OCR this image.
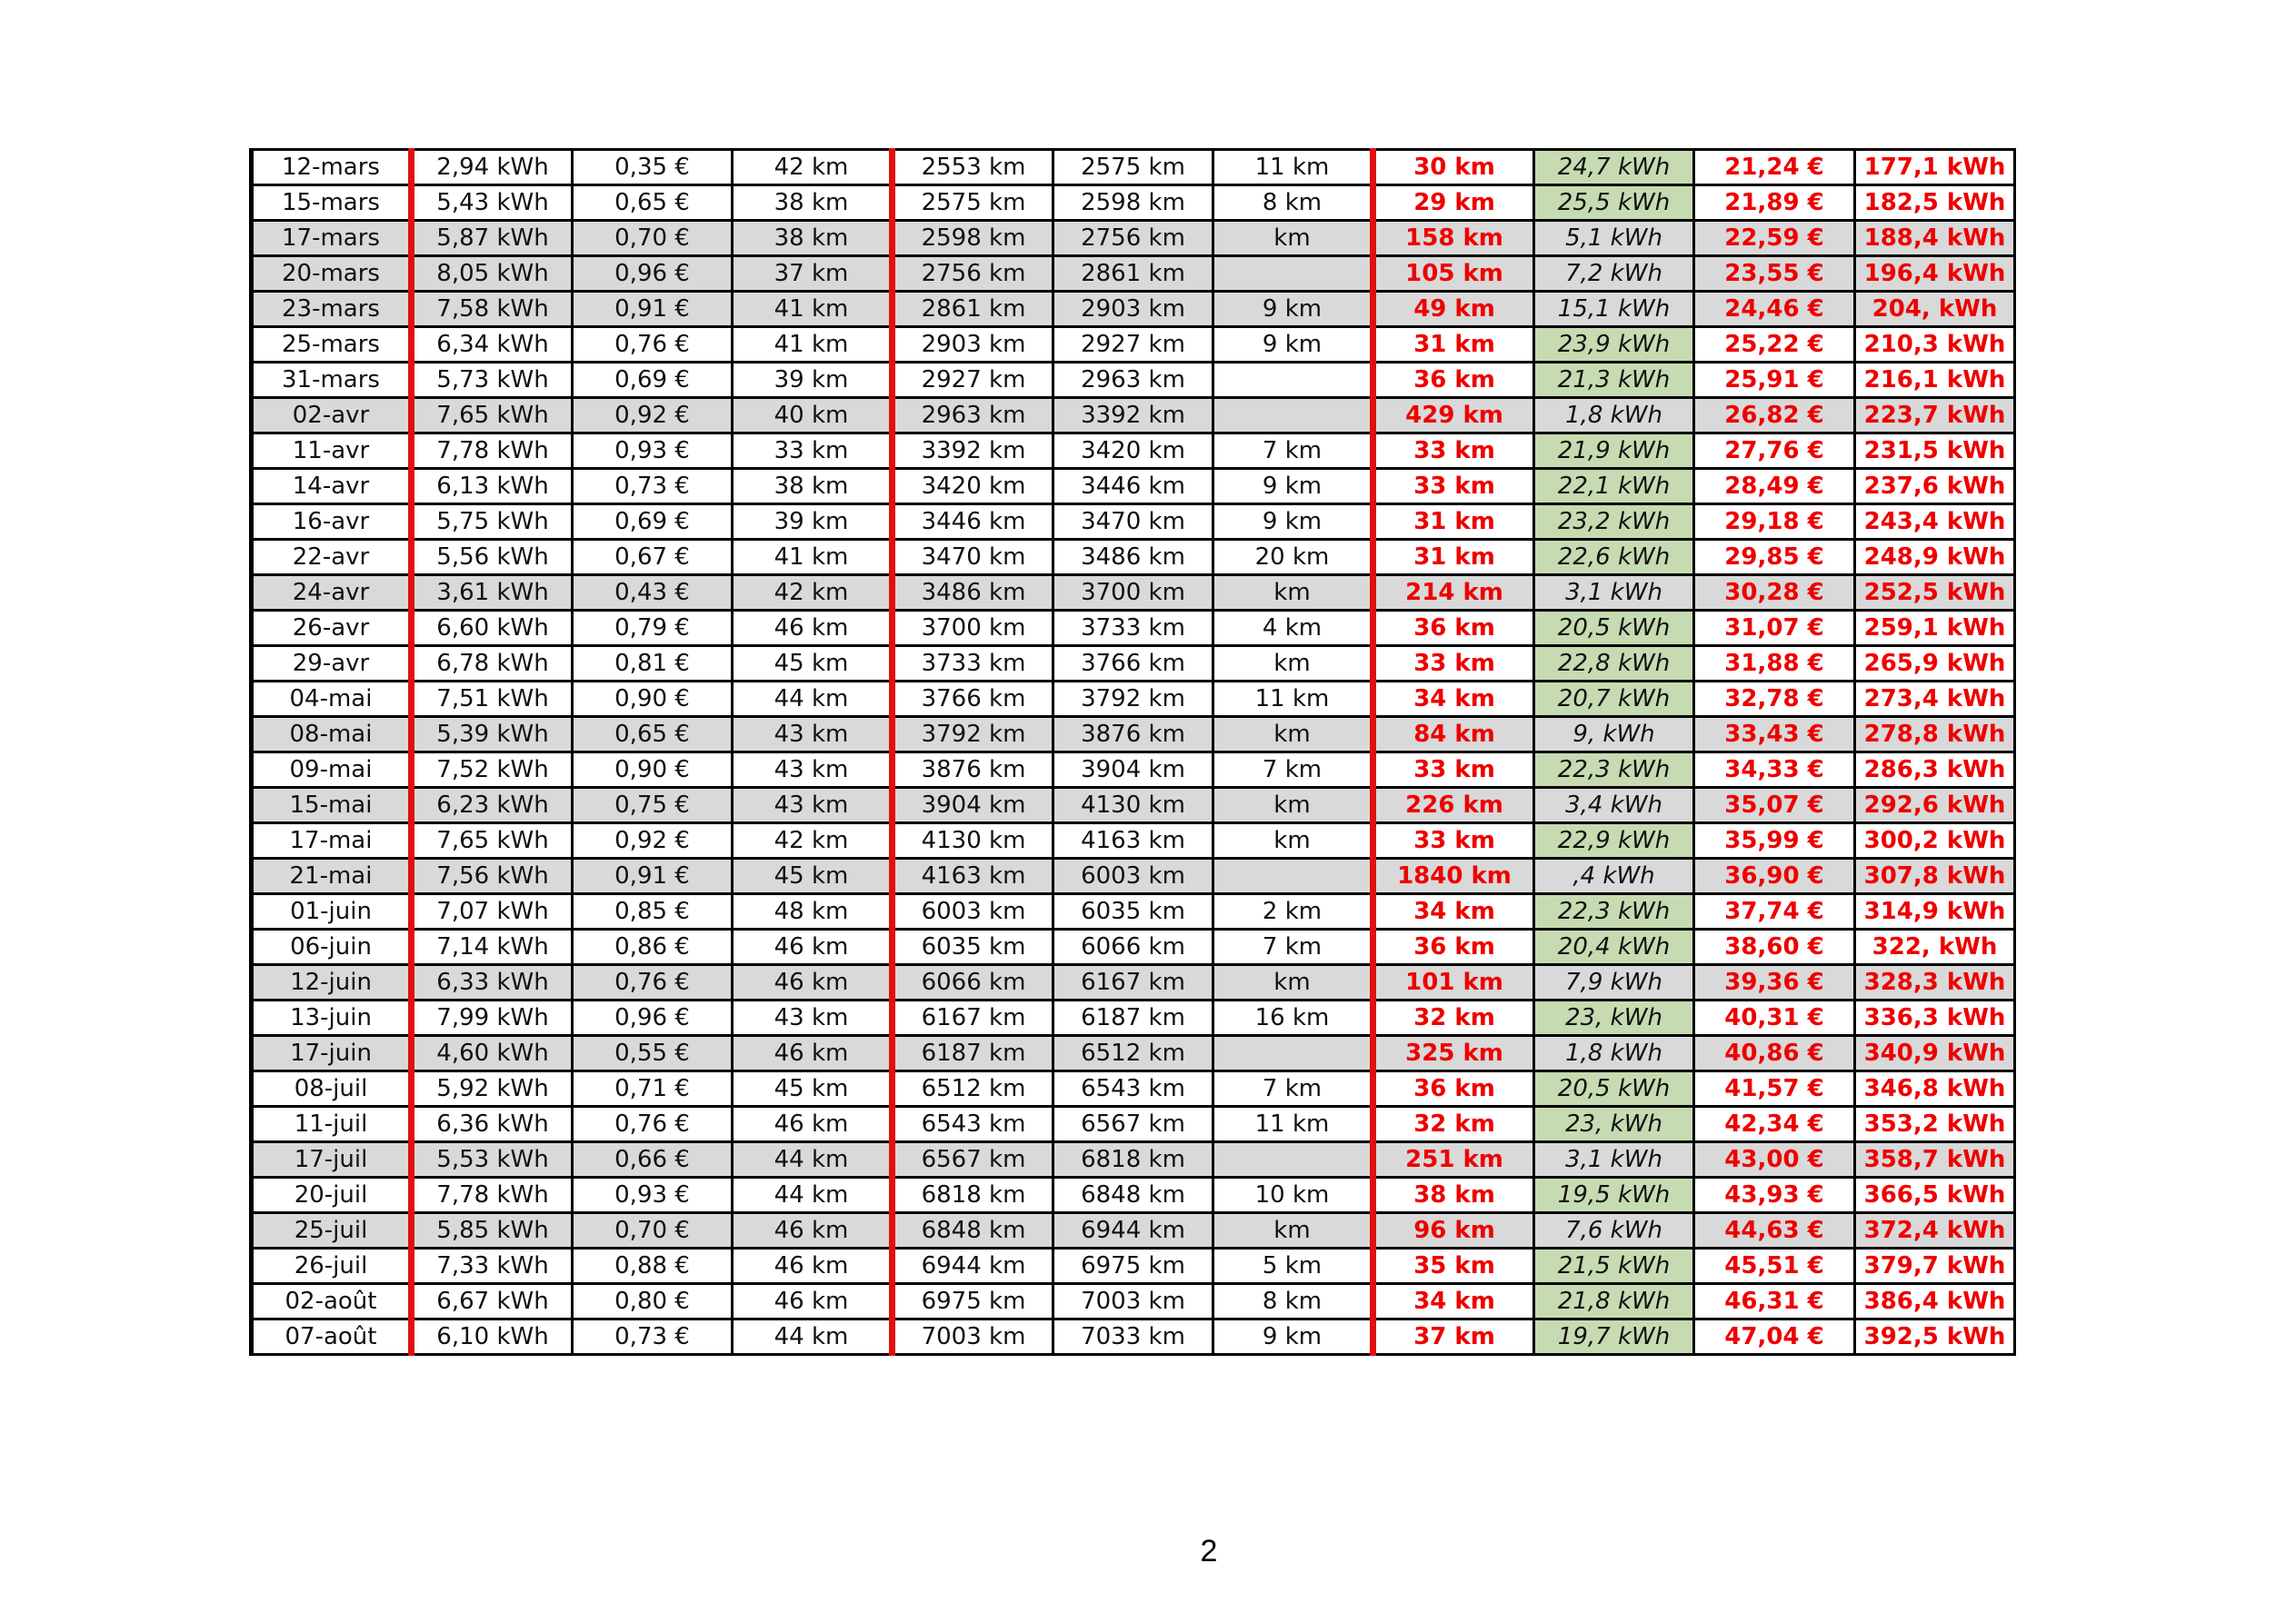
12-mars	2,94 kWh	0,35 €	42 km	2553 km	2575 km	11 km	30 km	24,7 kWh	21,24 €	177,1 kWh
15-mars	5,43 kWh	0,65 €	38 km	2575 km	2598 km	8 km	29 km	25,5 kWh	21,89 €	182,5 kWh
17-mars	5,87 kWh	0,70 €	38 km	2598 km	2756 km	km	158 km	5,1 kWh	22,59 €	188,4 kWh
20-mars	8,05 kWh	0,96 €	37 km	2756 km	2861 km		105 km	7,2 kWh	23,55 €	196,4 kWh
23-mars	7,58 kWh	0,91 €	41 km	2861 km	2903 km	9 km	49 km	15,1 kWh	24,46 €	204, kWh
25-mars	6,34 kWh	0,76 €	41 km	2903 km	2927 km	9 km	31 km	23,9 kWh	25,22 €	210,3 kWh
31-mars	5,73 kWh	0,69 €	39 km	2927 km	2963 km		36 km	21,3 kWh	25,91 €	216,1 kWh
02-avr	7,65 kWh	0,92 €	40 km	2963 km	3392 km		429 km	1,8 kWh	26,82 €	223,7 kWh
11-avr	7,78 kWh	0,93 €	33 km	3392 km	3420 km	7 km	33 km	21,9 kWh	27,76 €	231,5 kWh
14-avr	6,13 kWh	0,73 €	38 km	3420 km	3446 km	9 km	33 km	22,1 kWh	28,49 €	237,6 kWh
16-avr	5,75 kWh	0,69 €	39 km	3446 km	3470 km	9 km	31 km	23,2 kWh	29,18 €	243,4 kWh
22-avr	5,56 kWh	0,67 €	41 km	3470 km	3486 km	20 km	31 km	22,6 kWh	29,85 €	248,9 kWh
24-avr	3,61 kWh	0,43 €	42 km	3486 km	3700 km	km	214 km	3,1 kWh	30,28 €	252,5 kWh
26-avr	6,60 kWh	0,79 €	46 km	3700 km	3733 km	4 km	36 km	20,5 kWh	31,07 €	259,1 kWh
29-avr	6,78 kWh	0,81 €	45 km	3733 km	3766 km	km	33 km	22,8 kWh	31,88 €	265,9 kWh
04-mai	7,51 kWh	0,90 €	44 km	3766 km	3792 km	11 km	34 km	20,7 kWh	32,78 €	273,4 kWh
08-mai	5,39 kWh	0,65 €	43 km	3792 km	3876 km	km	84 km	9, kWh	33,43 €	278,8 kWh
09-mai	7,52 kWh	0,90 €	43 km	3876 km	3904 km	7 km	33 km	22,3 kWh	34,33 €	286,3 kWh
15-mai	6,23 kWh	0,75 €	43 km	3904 km	4130 km	km	226 km	3,4 kWh	35,07 €	292,6 kWh
17-mai	7,65 kWh	0,92 €	42 km	4130 km	4163 km	km	33 km	22,9 kWh	35,99 €	300,2 kWh
21-mai	7,56 kWh	0,91 €	45 km	4163 km	6003 km		1840 km	,4 kWh	36,90 €	307,8 kWh
01-juin	7,07 kWh	0,85 €	48 km	6003 km	6035 km	2 km	34 km	22,3 kWh	37,74 €	314,9 kWh
06-juin	7,14 kWh	0,86 €	46 km	6035 km	6066 km	7 km	36 km	20,4 kWh	38,60 €	322, kWh
12-juin	6,33 kWh	0,76 €	46 km	6066 km	6167 km	km	101 km	7,9 kWh	39,36 €	328,3 kWh
13-juin	7,99 kWh	0,96 €	43 km	6167 km	6187 km	16 km	32 km	23, kWh	40,31 €	336,3 kWh
17-juin	4,60 kWh	0,55 €	46 km	6187 km	6512 km		325 km	1,8 kWh	40,86 €	340,9 kWh
08-juil	5,92 kWh	0,71 €	45 km	6512 km	6543 km	7 km	36 km	20,5 kWh	41,57 €	346,8 kWh
11-juil	6,36 kWh	0,76 €	46 km	6543 km	6567 km	11 km	32 km	23, kWh	42,34 €	353,2 kWh
17-juil	5,53 kWh	0,66 €	44 km	6567 km	6818 km		251 km	3,1 kWh	43,00 €	358,7 kWh
20-juil	7,78 kWh	0,93 €	44 km	6818 km	6848 km	10 km	38 km	19,5 kWh	43,93 €	366,5 kWh
25-juil	5,85 kWh	0,70 €	46 km	6848 km	6944 km	km	96 km	7,6 kWh	44,63 €	372,4 kWh
26-juil	7,33 kWh	0,88 €	46 km	6944 km	6975 km	5 km	35 km	21,5 kWh	45,51 €	379,7 kWh
02-août	6,67 kWh	0,80 €	46 km	6975 km	7003 km	8 km	34 km	21,8 kWh	46,31 €	386,4 kWh
07-août	6,10 kWh	0,73 €	44 km	7003 km	7033 km	9 km	37 km	19,7 kWh	47,04 €	392,5 kWh
2
